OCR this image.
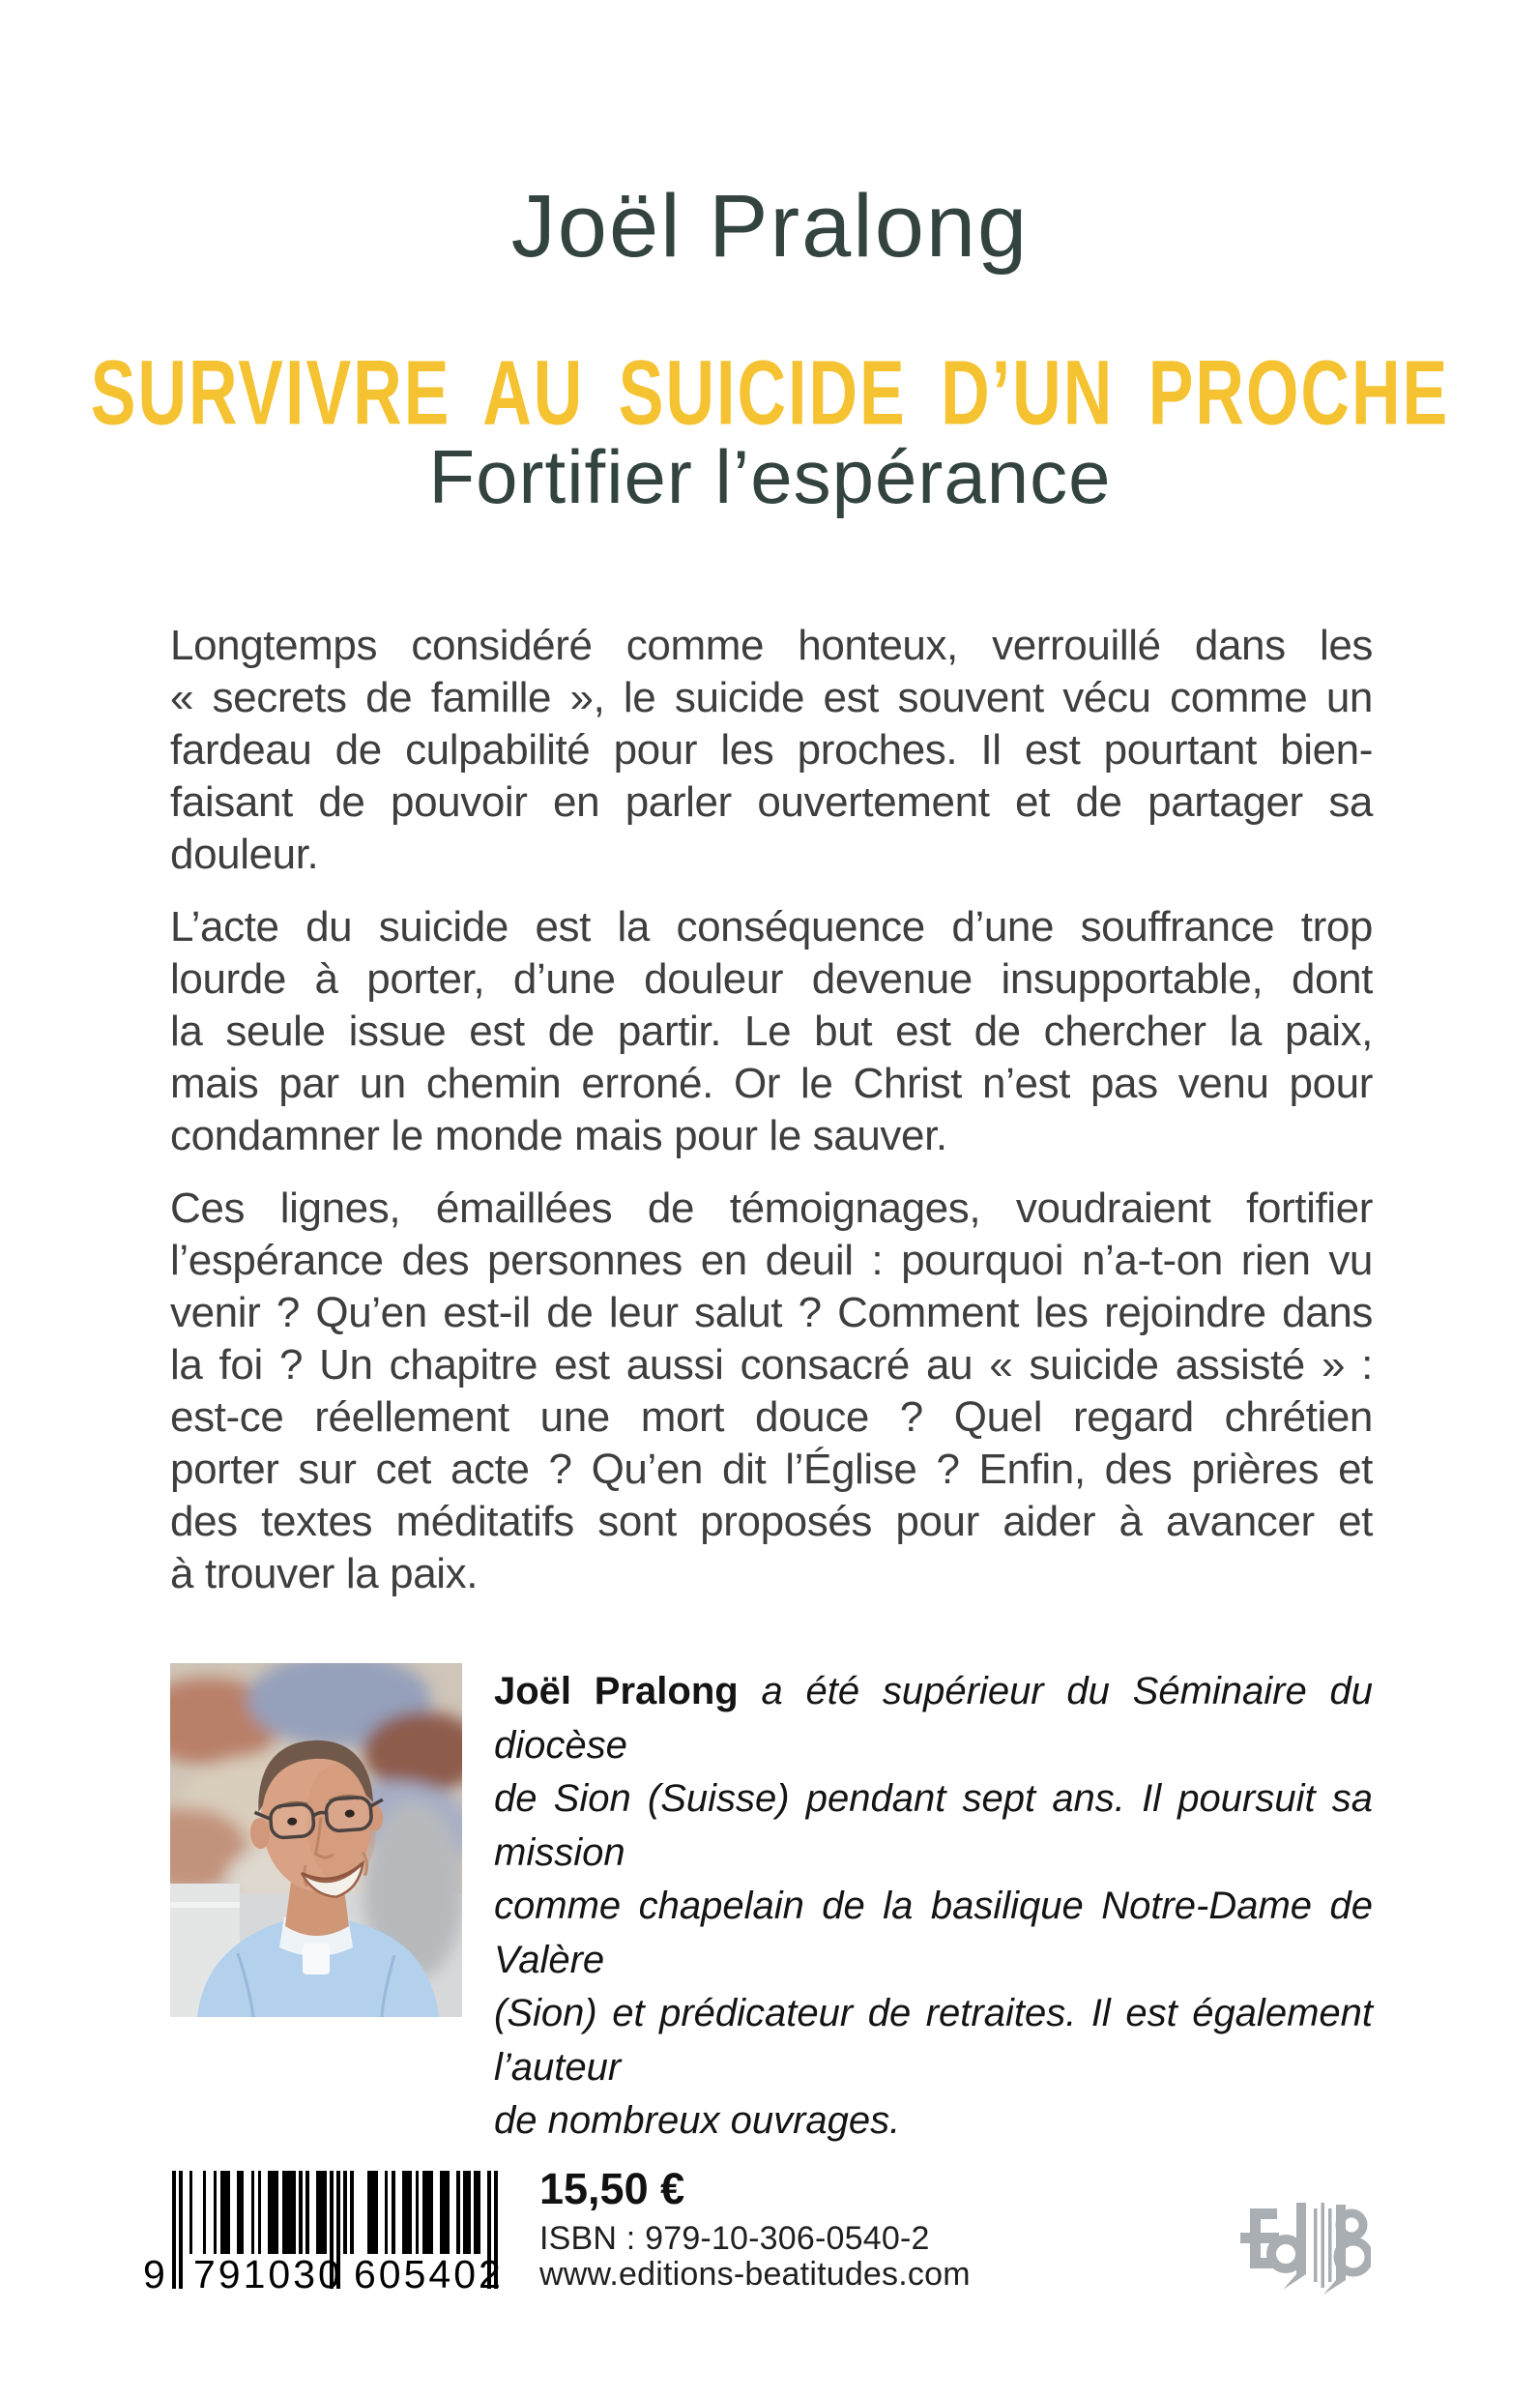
Joël Pralong
SURVIVRE AU SUICIDE D’UN PROCHE
Fortifier l’espérance
Longtemps considéré comme honteux, verrouillé dans les
« secrets de famille », le suicide est souvent vécu comme un
fardeau de culpabilité pour les proches. Il est pourtant bien-
faisant de pouvoir en parler ouvertement et de partager sa
douleur.
L’acte du suicide est la conséquence d’une souffrance trop
lourde à porter, d’une douleur devenue insupportable, dont
la seule issue est de partir. Le but est de chercher la paix,
mais par un chemin erroné. Or le Christ n’est pas venu pour
condamner le monde mais pour le sauver.
Ces lignes, émaillées de témoignages, voudraient fortifier
l’espérance des personnes en deuil : pourquoi n’a-t-on rien vu
venir ? Qu’en est-il de leur salut ? Comment les rejoindre dans
la foi ? Un chapitre est aussi consacré au « suicide assisté » :
est-ce réellement une mort douce ? Quel regard chrétien
porter sur cet acte ? Qu’en dit l’Église ? Enfin, des prières et
des textes méditatifs sont proposés pour aider à avancer et
à trouver la paix.
Joël Pralong a été supérieur du Séminaire du diocèse
de Sion (Suisse) pendant sept ans. Il poursuit sa mission
comme chapelain de la basilique Notre-Dame de Valère
(Sion) et prédicateur de retraites. Il est également l’auteur
de nombreux ouvrages.
9 791030 605402
15,50 €
ISBN : 979-10-306-0540-2
www.editions-beatitudes.com
